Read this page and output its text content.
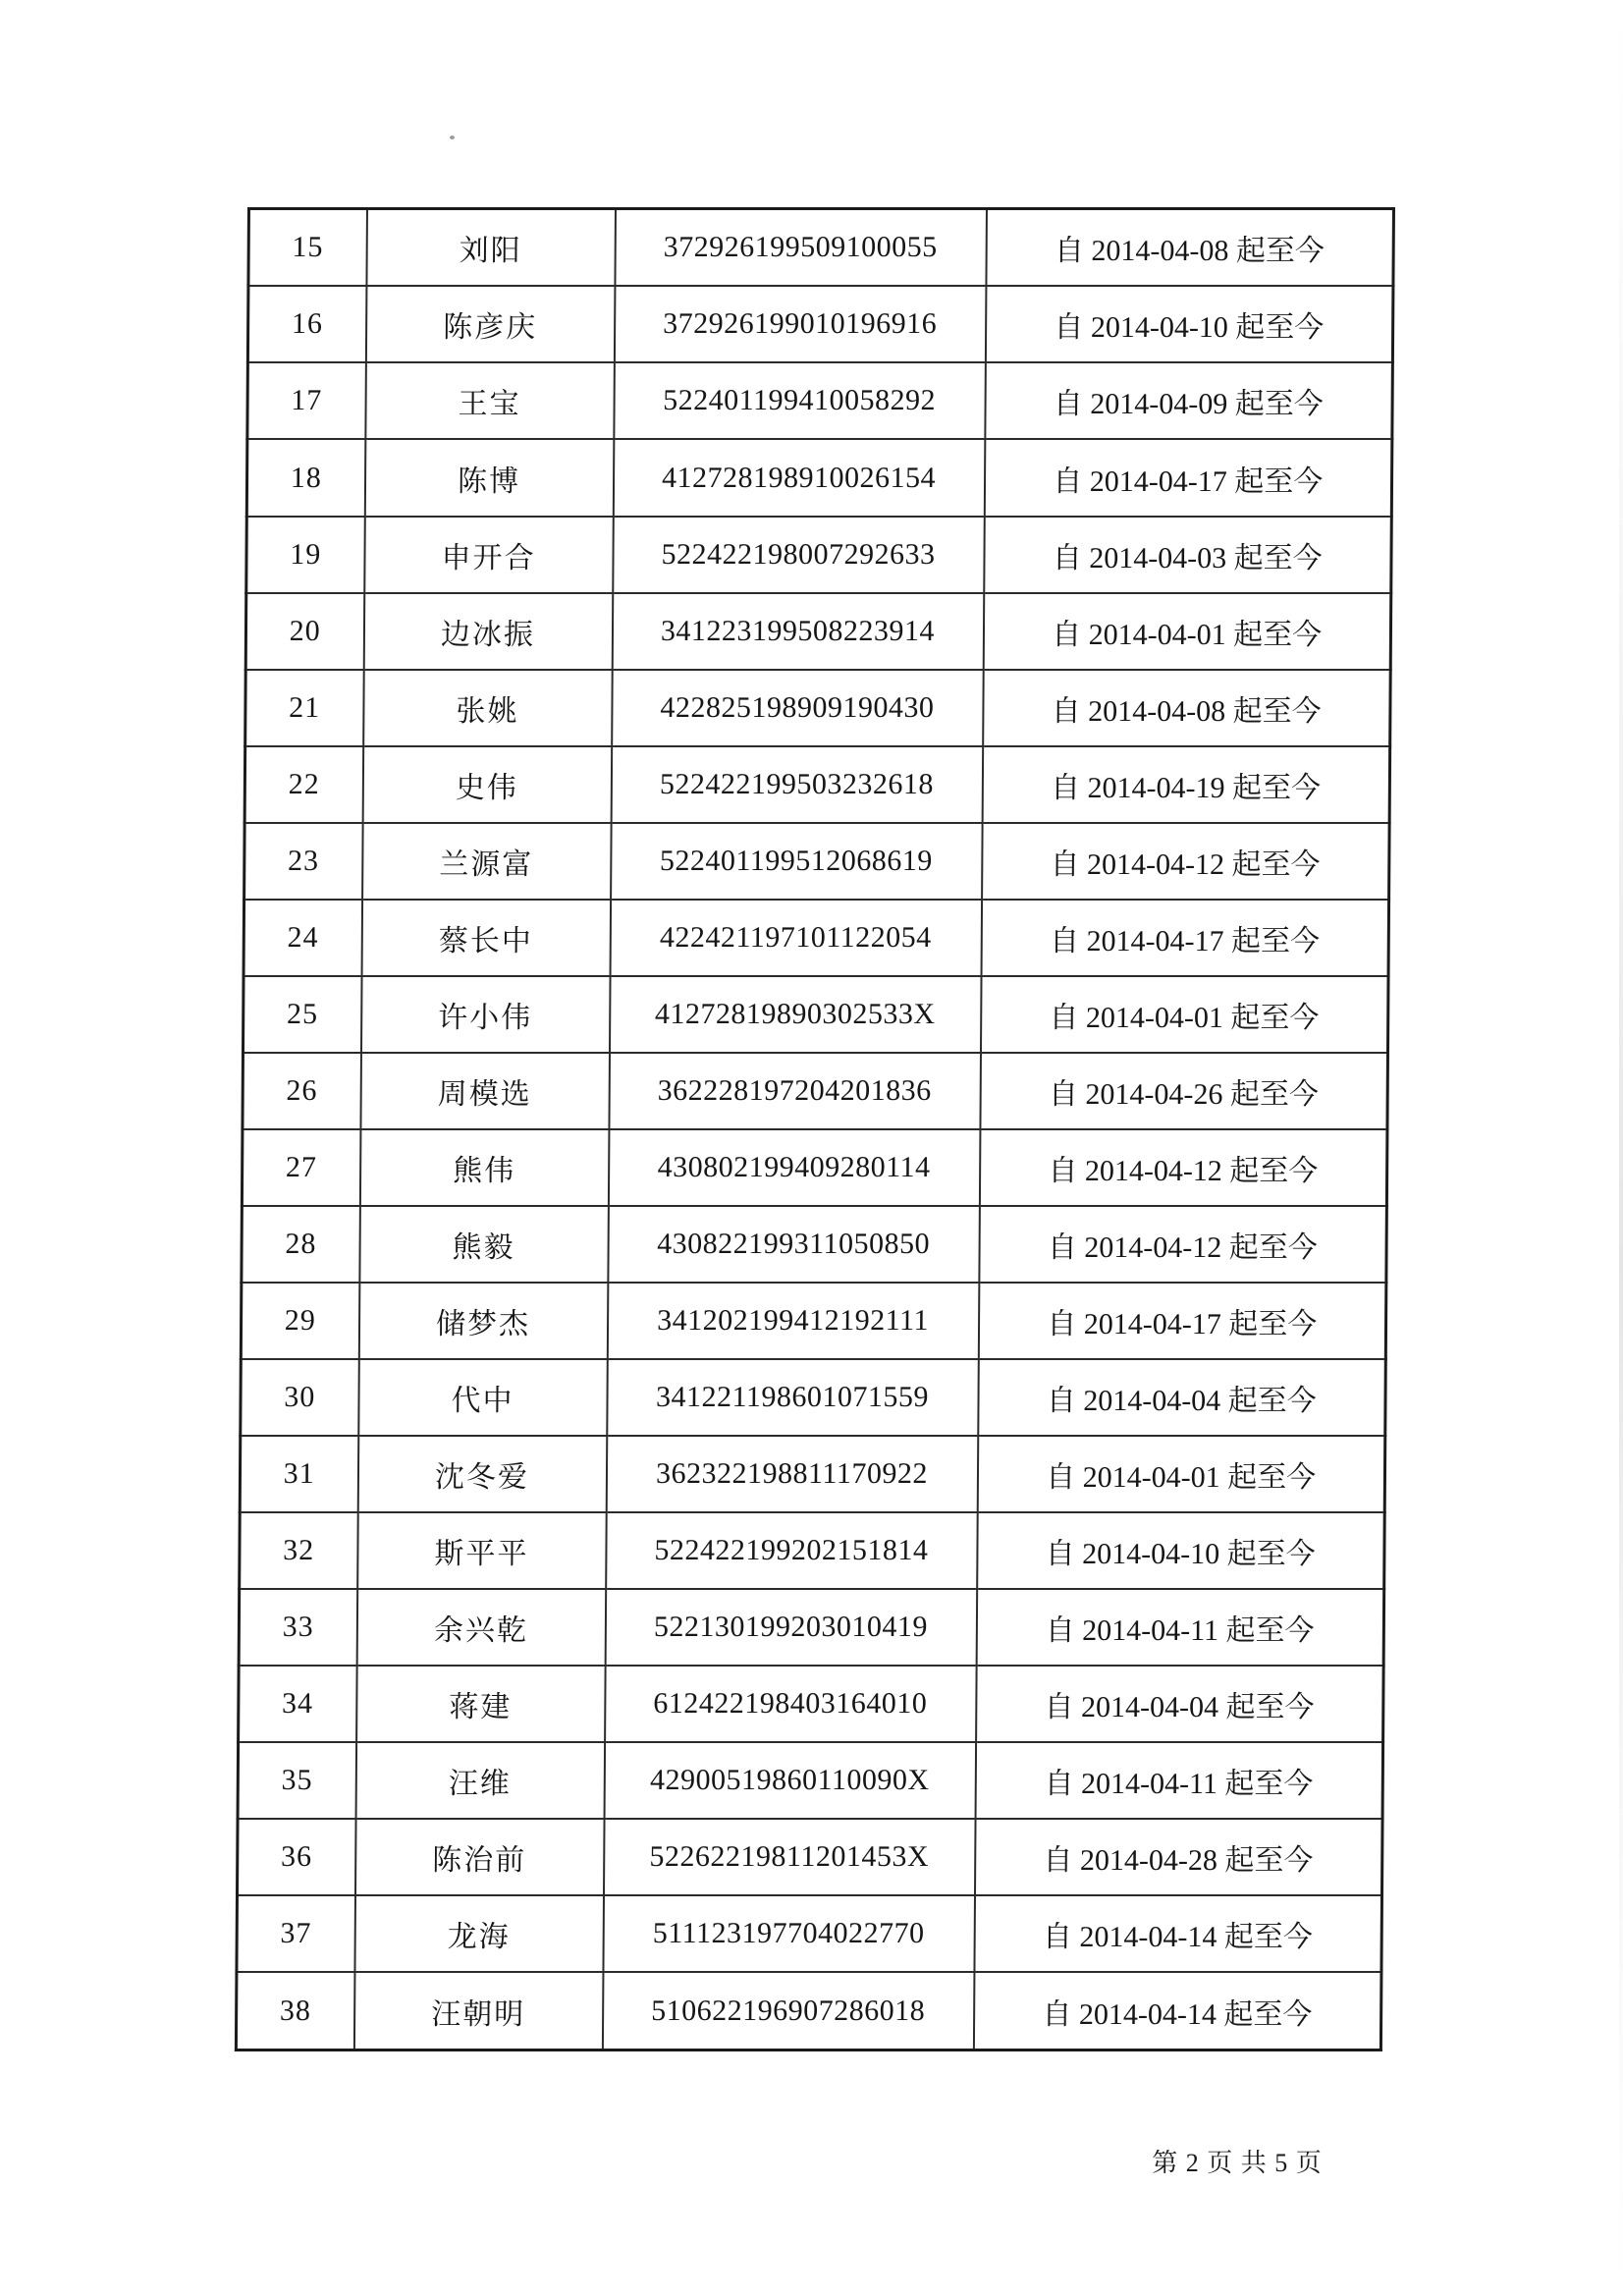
15	刘阳	372926199509100055	自 2014-04-08 起至今
16	陈彦庆	372926199010196916	自 2014-04-10 起至今
17	王宝	522401199410058292	自 2014-04-09 起至今
18	陈博	412728198910026154	自 2014-04-17 起至今
19	申开合	522422198007292633	自 2014-04-03 起至今
20	边冰振	341223199508223914	自 2014-04-01 起至今
21	张姚	422825198909190430	自 2014-04-08 起至今
22	史伟	522422199503232618	自 2014-04-19 起至今
23	兰源富	522401199512068619	自 2014-04-12 起至今
24	蔡长中	422421197101122054	自 2014-04-17 起至今
25	许小伟	41272819890302533X	自 2014-04-01 起至今
26	周模选	362228197204201836	自 2014-04-26 起至今
27	熊伟	430802199409280114	自 2014-04-12 起至今
28	熊毅	430822199311050850	自 2014-04-12 起至今
29	储梦杰	341202199412192111	自 2014-04-17 起至今
30	代中	341221198601071559	自 2014-04-04 起至今
31	沈冬爱	362322198811170922	自 2014-04-01 起至今
32	斯平平	522422199202151814	自 2014-04-10 起至今
33	余兴乾	522130199203010419	自 2014-04-11 起至今
34	蒋建	612422198403164010	自 2014-04-04 起至今
35	汪维	42900519860110090X	自 2014-04-11 起至今
36	陈治前	52262219811201453X	自 2014-04-28 起至今
37	龙海	511123197704022770	自 2014-04-14 起至今
38	汪朝明	510622196907286018	自 2014-04-14 起至今
第 2 页 共 5 页
